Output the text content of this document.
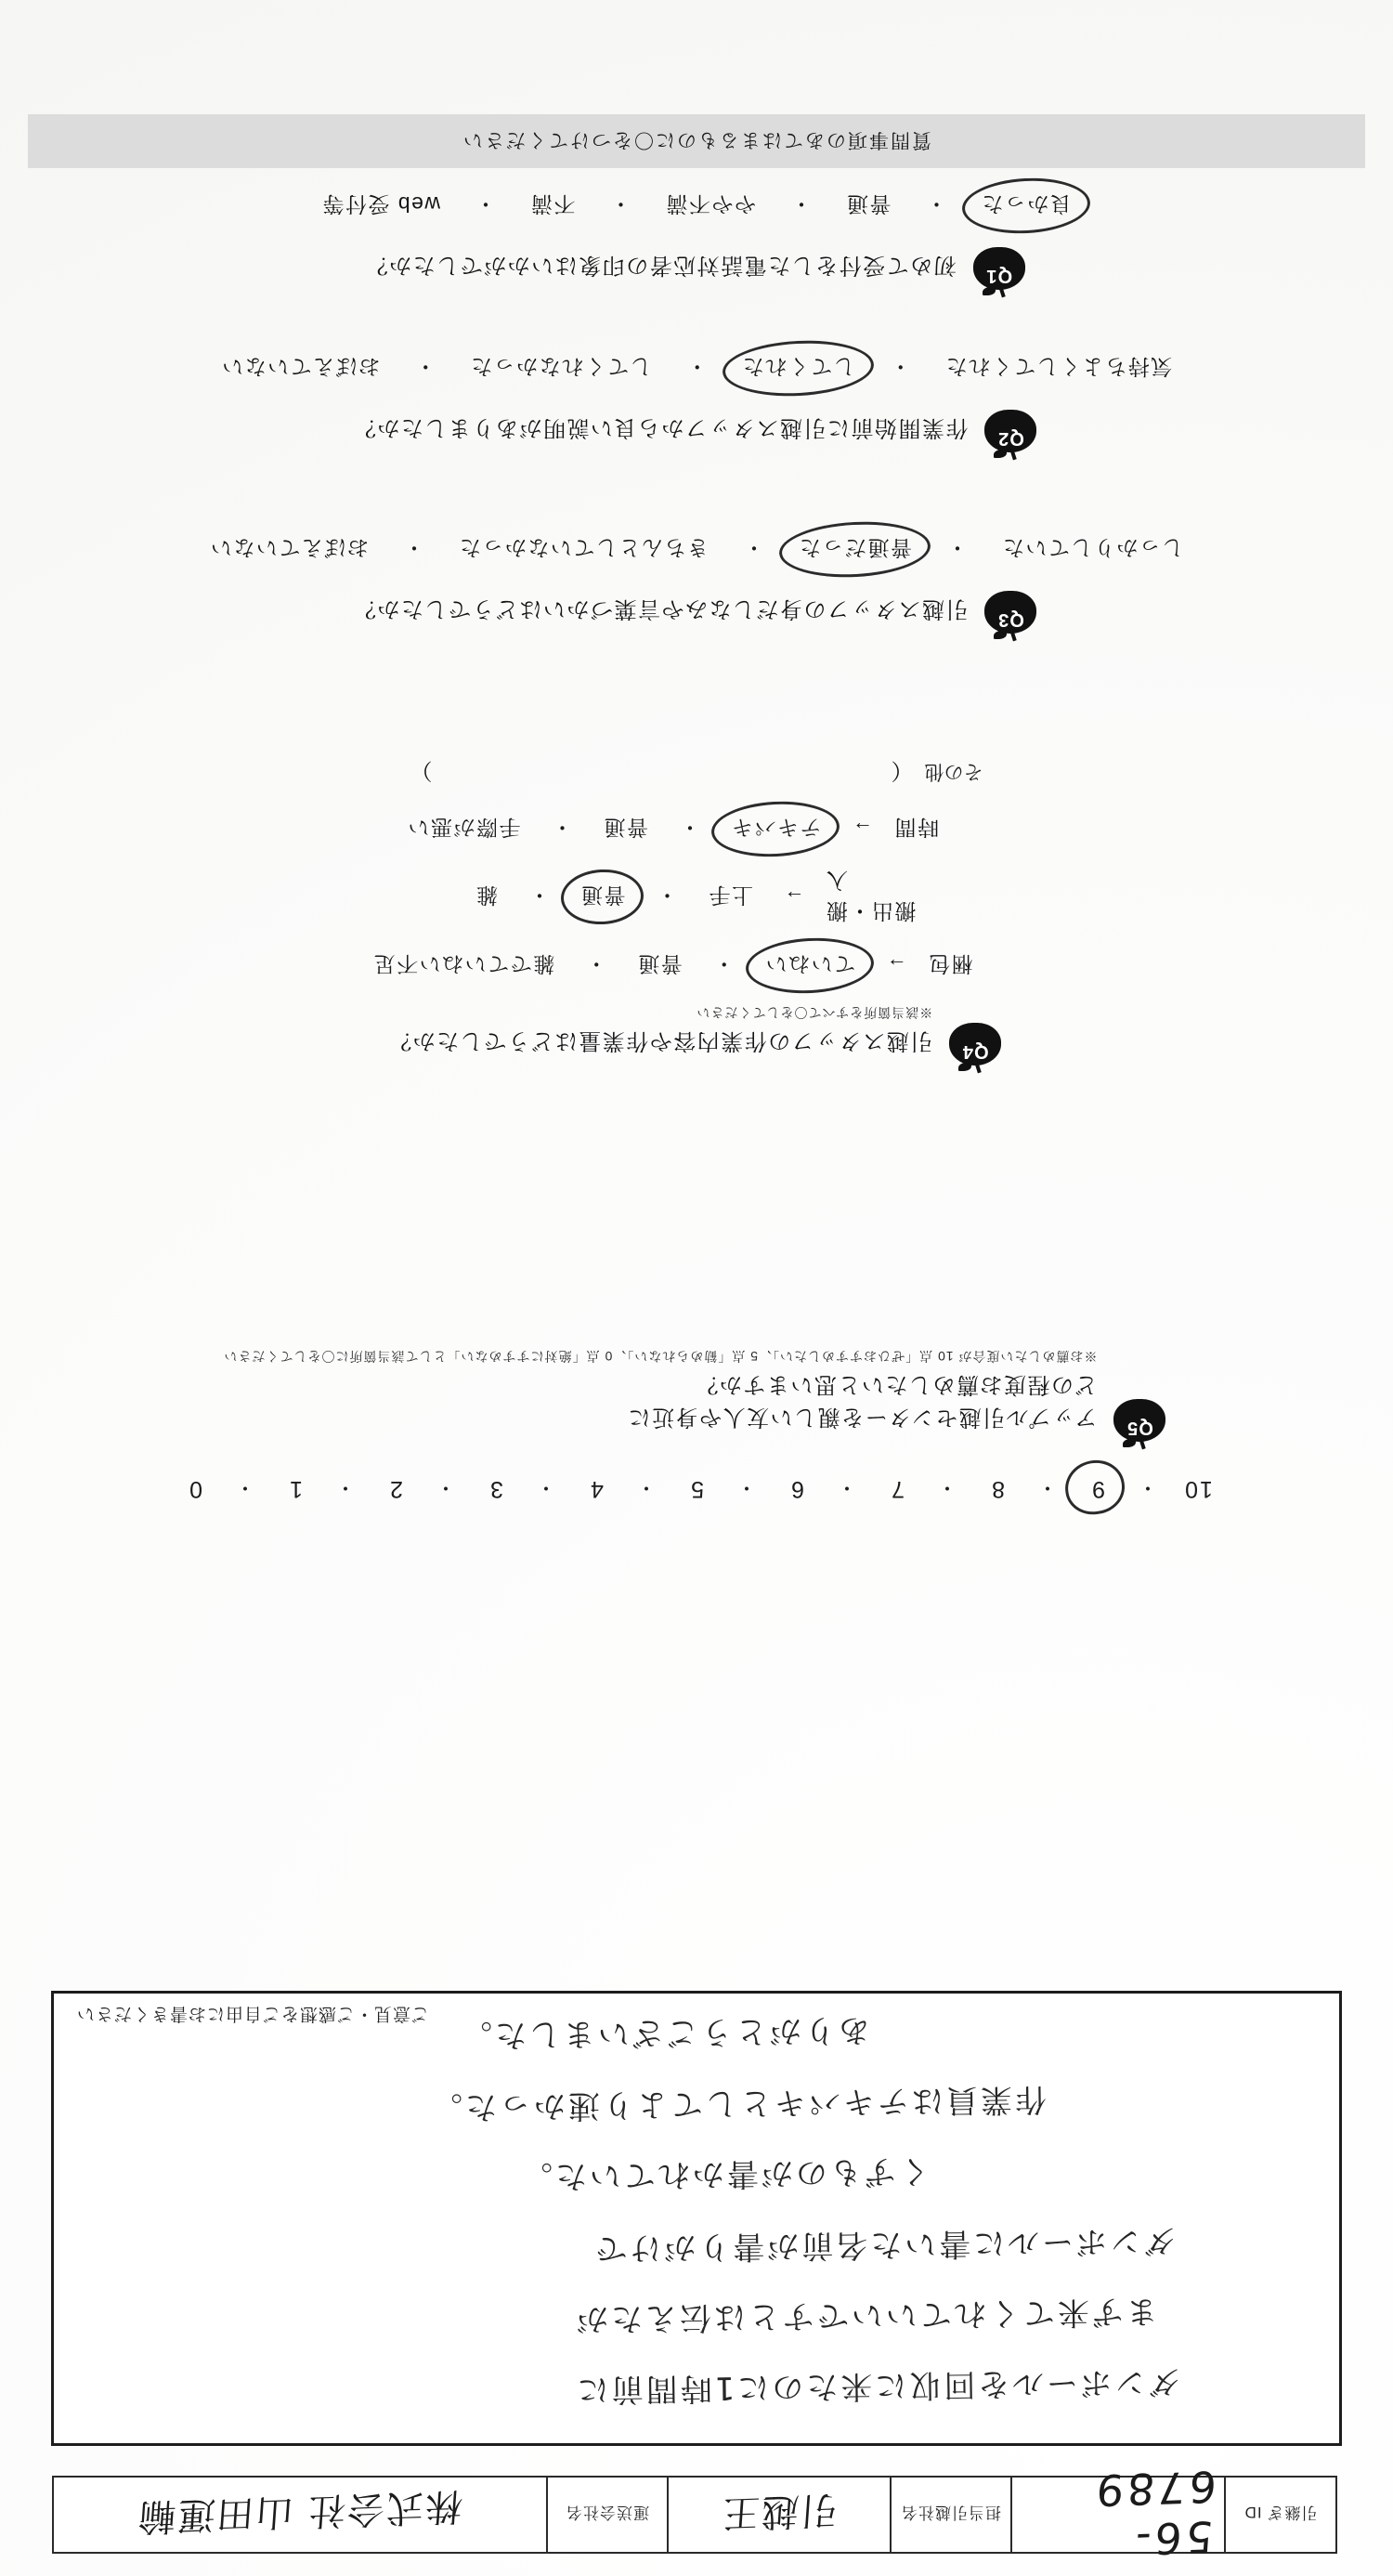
引継ぎ ID
56-6789
担当引越社名
引越王
運送会社名
株式会社 山田運輸
ダンボールを回収に来たのに1時間前に
まず来てくれていいですとは伝えたが
ダンボールに書いた名前が書りがけで
くずものが書かれていた。
作業員はテキパキとしてより速かった。
ありがとうございました。
ご意見・ご感想をご自由にお書きください
10
・
9
・
8
・
7
・
6
・
5
・
4
・
3
・
2
・
1
・
0
Q5
アップル引越センターを親しい友人や身近に
どの程度お薦めしたいと思いますか？
※お薦めしたい度合が 10 点「ぜひおすすめしたい」、5 点「勧められない」、0 点「絶対にすすめない」として該当箇所に〇をしてください
Q4
引越スタッフの作業内容や作業量はどうでしたか？
※該当箇所をすべて〇をしてください
梱包
→
ていねい
・
普通
・
雑でていねい不足
搬出・搬入
→
上手
・
普通
・
雑
時間
→
テキパキ
・
普通
・
手際が悪い
その他
（
）
Q3
引越スタッフの身だしなみや言葉づかいはどうでしたか？
しっかりしていた
・
普通だった
・
きちんとしていなかった
・
おぼえていない
Q2
作業開始前に引越スタッフから良い説明がありましたか？
気持ちよくしてくれた
・
してくれた
・
してくれなかった
・
おぼえていない
Q1
初めて受付をした電話対応者の印象はいかがでしたか？
良かった
・
普通
・
やや不満
・
不満
・
web 受付等
質問事項のあてはまるものに〇をつけてください
